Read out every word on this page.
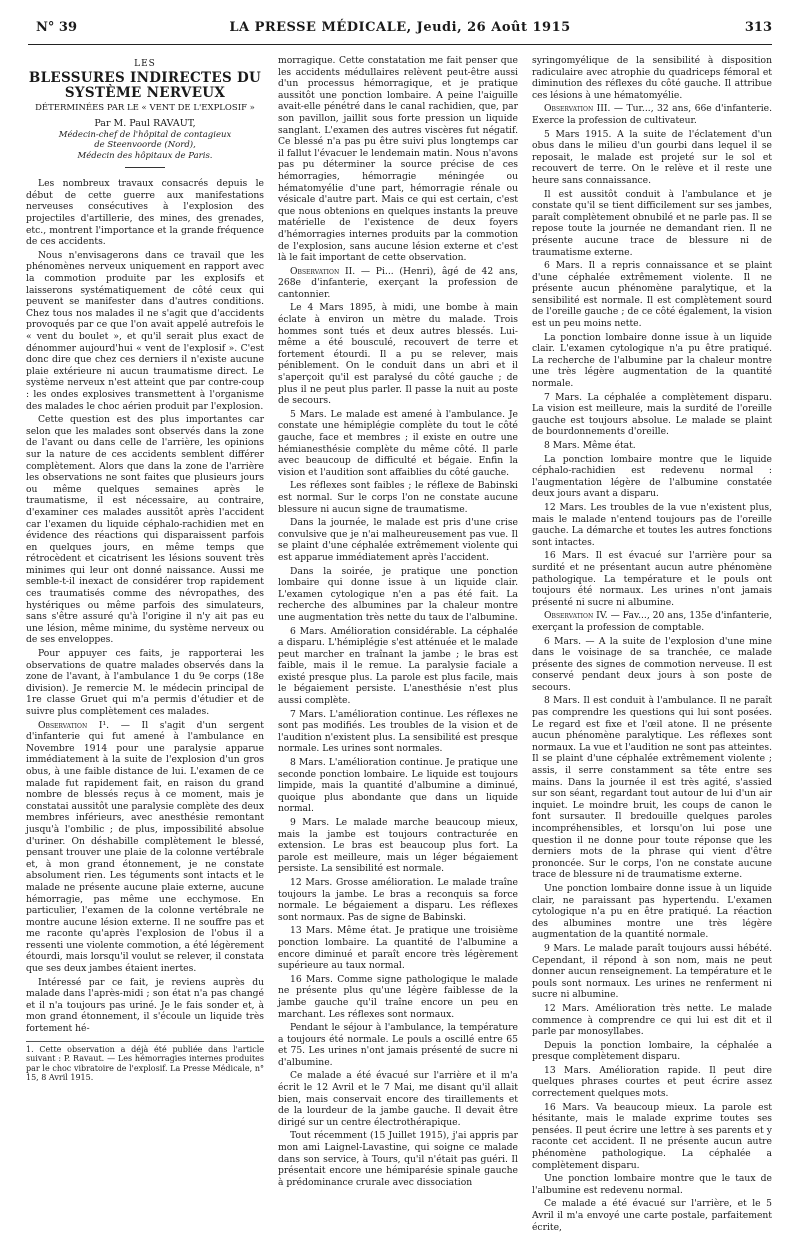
N° 39	LA PRESSE MÉDICALE, Jeudi, 26 Août 1915	313
LES
BLESSURES INDIRECTES DU SYSTÈME NERVEUX
DÉTERMINÉES PAR LE « VENT DE L'EXPLOSIF »
Par M. Paul RAVAUT,
Médecin-chef de l'hôpital de contagieux
de Steenvoorde (Nord),
Médecin des hôpitaux de Paris.

Les nombreux travaux consacrés depuis le début de cette guerre aux manifestations nerveuses consécutives à l'explosion des projectiles d'artillerie, des mines, des grenades, etc., montrent l'importance et la grande fréquence de ces accidents.

Nous n'envisagerons dans ce travail que les phénomènes nerveux uniquement en rapport avec la commotion produite par les explosifs et laisserons systématiquement de côté ceux qui peuvent se manifester dans d'autres conditions. Chez tous nos malades il ne s'agit que d'accidents provoqués par ce que l'on avait appelé autrefois le « vent du boulet », et qu'il serait plus exact de dénommer aujourd'hui « vent de l'explosif ». C'est donc dire que chez ces derniers il n'existe aucune plaie extérieure ni aucun traumatisme direct. Le système nerveux n'est atteint que par contre-coup : les ondes explosives transmettent à l'organisme des malades le choc aérien produit par l'explosion.

Cette question est des plus importantes car selon que les malades sont observés dans la zone de l'avant ou dans celle de l'arrière, les opinions sur la nature de ces accidents semblent différer complètement. Alors que dans la zone de l'arrière les observations ne sont faites que plusieurs jours ou même quelques semaines après le traumatisme, il est nécessaire, au contraire, d'examiner ces malades aussitôt après l'accident car l'examen du liquide céphalo-rachidien met en évidence des réactions qui disparaissent parfois en quelques jours, en même temps que rétrocèdent et cicatrisent les lésions souvent très minimes qui leur ont donné naissance. Aussi me semble-t-il inexact de considérer trop rapidement ces traumatisés comme des névropathes, des hystériques ou même parfois des simulateurs, sans s'être assuré qu'à l'origine il n'y ait pas eu une lésion, même minime, du système nerveux ou de ses enveloppes.

Pour appuyer ces faits, je rapporterai les observations de quatre malades observés dans la zone de l'avant, à l'ambulance 1 du 9e corps (18e division). Je remercie M. le médecin principal de 1re classe Gruet qui m'a permis d'étudier et de suivre plus complètement ces malades.

Observation I¹. — Il s'agit d'un sergent d'infanterie qui fut amené à l'ambulance en Novembre 1914 pour une paralysie apparue immédiatement à la suite de l'explosion d'un gros obus, à une faible distance de lui. L'examen de ce malade fut rapidement fait, en raison du grand nombre de blessés reçus à ce moment, mais je constatai aussitôt une paralysie complète des deux membres inférieurs, avec anesthésie remontant jusqu'à l'ombilic ; de plus, impossibilité absolue d'uriner. On déshabille complètement le blessé, pensant trouver une plaie de la colonne vertébrale et, à mon grand étonnement, je ne constate absolument rien. Les téguments sont intacts et le malade ne présente aucune plaie externe, aucune hémorragie, pas même une ecchymose. En particulier, l'examen de la colonne vertébrale ne montre aucune lésion externe. Il ne souffre pas et me raconte qu'après l'explosion de l'obus il a ressenti une violente commotion, a été légèrement étourdi, mais lorsqu'il voulut se relever, il constata que ses deux jambes étaient inertes.

Intéressé par ce fait, je reviens auprès du malade dans l'après-midi ; son état n'a pas changé et il n'a toujours pas uriné. Je le fais sonder et, à mon grand étonnement, il s'écoule un liquide très fortement hé-

1. Cette observation a déjà été publiée dans l'article suivant : P. Ravaut. — Les hémorragies internes produites par le choc vibratoire de l'explosif. La Presse Médicale, n° 15, 8 Avril 1915.

morragique. Cette constatation me fait penser que les accidents médullaires relèvent peut-être aussi d'un processus hémorragique, et je pratique aussitôt une ponction lombaire. A peine l'aiguille avait-elle pénétré dans le canal rachidien, que, par son pavillon, jaillit sous forte pression un liquide sanglant. L'examen des autres viscères fut négatif. Ce blessé n'a pas pu être suivi plus longtemps car il fallut l'évacuer le lendemain matin. Nous n'avons pas pu déterminer la source précise de ces hémorragies, hémorragie méningée ou hématomyélie d'une part, hémorragie rénale ou vésicale d'autre part. Mais ce qui est certain, c'est que nous obtenions en quelques instants la preuve matérielle de l'existence de deux foyers d'hémorragies internes produits par la commotion de l'explosion, sans aucune lésion externe et c'est là le fait important de cette observation.

Observation II. — Pi... (Henri), âgé de 42 ans, 268e d'infanterie, exerçant la profession de cantonnier.

Le 4 Mars 1895, à midi, une bombe à main éclate à environ un mètre du malade. Trois hommes sont tués et deux autres blessés. Lui-même a été bousculé, recouvert de terre et fortement étourdi. Il a pu se relever, mais péniblement. On le conduit dans un abri et il s'aperçoit qu'il est paralysé du côté gauche ; de plus il ne peut plus parler. Il passe la nuit au poste de secours.

5 Mars. Le malade est amené à l'ambulance. Je constate une hémiplégie complète du tout le côté gauche, face et membres ; il existe en outre une hémianesthésie complète du même côté. Il parle avec beaucoup de difficulté et bégaie. Enfin la vision et l'audition sont affaiblies du côté gauche.

Les réflexes sont faibles ; le réflexe de Babinski est normal. Sur le corps l'on ne constate aucune blessure ni aucun signe de traumatisme.

Dans la journée, le malade est pris d'une crise convulsive que je n'ai malheureusement pas vue. Il se plaint d'une céphalée extrêmement violente qui est apparue immédiatement après l'accident.

Dans la soirée, je pratique une ponction lombaire qui donne issue à un liquide clair. L'examen cytologique n'en a pas été fait. La recherche des albumines par la chaleur montre une augmentation très nette du taux de l'albumine.

6 Mars. Amélioration considérable. La céphalée a disparu. L'hémiplégie s'est atténuée et le malade peut marcher en traînant la jambe ; le bras est faible, mais il le remue. La paralysie faciale a existé presque plus. La parole est plus facile, mais le bégaiement persiste. L'anesthésie n'est plus aussi complète.

7 Mars. L'amélioration continue. Les réflexes ne sont pas modifiés. Les troubles de la vision et de l'audition n'existent plus. La sensibilité est presque normale. Les urines sont normales.

8 Mars. L'amélioration continue. Je pratique une seconde ponction lombaire. Le liquide est toujours limpide, mais la quantité d'albumine a diminué, quoique plus abondante que dans un liquide normal.

9 Mars. Le malade marche beaucoup mieux, mais la jambe est toujours contracturée en extension. Le bras est beaucoup plus fort. La parole est meilleure, mais un léger bégaiement persiste. La sensibilité est normale.

12 Mars. Grosse amélioration. Le malade traîne toujours la jambe. Le bras a reconquis sa force normale. Le bégaiement a disparu. Les réflexes sont normaux. Pas de signe de Babinski.

13 Mars. Même état. Je pratique une troisième ponction lombaire. La quantité de l'albumine a encore diminué et paraît encore très légèrement supérieure au taux normal.

16 Mars. Comme signe pathologique le malade ne présente plus qu'une légère faiblesse de la jambe gauche qu'il traîne encore un peu en marchant. Les réflexes sont normaux.

Pendant le séjour à l'ambulance, la température a toujours été normale. Le pouls a oscillé entre 65 et 75. Les urines n'ont jamais présenté de sucre ni d'albumine.

Ce malade a été évacué sur l'arrière et il m'a écrit le 12 Avril et le 7 Mai, me disant qu'il allait bien, mais conservait encore des tiraillements et de la lourdeur de la jambe gauche. Il devait être dirigé sur un centre électrothérapique.

Tout récemment (15 Juillet 1915), j'ai appris par mon ami Laignel-Lavastine, qui soigne ce malade dans son service, à Tours, qu'il n'était pas guéri. Il présentait encore une hémiparésie spinale gauche à prédominance crurale avec dissociation

syringomyélique de la sensibilité à disposition radiculaire avec atrophie du quadriceps fémoral et diminution des réflexes du côté gauche. Il attribue ces lésions à une hématomyélie.

Observation III. — Tur..., 32 ans, 66e d'infanterie. Exerce la profession de cultivateur.

5 Mars 1915. A la suite de l'éclatement d'un obus dans le milieu d'un gourbi dans lequel il se reposait, le malade est projeté sur le sol et recouvert de terre. On le relève et il reste une heure sans connaissance.

Il est aussitôt conduit à l'ambulance et je constate qu'il se tient difficilement sur ses jambes, paraît complètement obnubilé et ne parle pas. Il se repose toute la journée ne demandant rien. Il ne présente aucune trace de blessure ni de traumatisme externe.

6 Mars. Il a repris connaissance et se plaint d'une céphalée extrêmement violente. Il ne présente aucun phénomène paralytique, et la sensibilité est normale. Il est complètement sourd de l'oreille gauche ; de ce côté également, la vision est un peu moins nette.

La ponction lombaire donne issue à un liquide clair. L'examen cytologique n'a pu être pratiqué. La recherche de l'albumine par la chaleur montre une très légère augmentation de la quantité normale.

7 Mars. La céphalée a complètement disparu. La vision est meilleure, mais la surdité de l'oreille gauche est toujours absolue. Le malade se plaint de bourdonnements d'oreille.

8 Mars. Même état.

La ponction lombaire montre que le liquide céphalo-rachidien est redevenu normal : l'augmentation légère de l'albumine constatée deux jours avant a disparu.

12 Mars. Les troubles de la vue n'existent plus, mais le malade n'entend toujours pas de l'oreille gauche. La démarche et toutes les autres fonctions sont intactes.

16 Mars. Il est évacué sur l'arrière pour sa surdité et ne présentant aucun autre phénomène pathologique. La température et le pouls ont toujours été normaux. Les urines n'ont jamais présenté ni sucre ni albumine.

Observation IV. — Fav..., 20 ans, 135e d'infanterie, exerçant la profession de comptable.

6 Mars. — A la suite de l'explosion d'une mine dans le voisinage de sa tranchée, ce malade présente des signes de commotion nerveuse. Il est conservé pendant deux jours à son poste de secours.

8 Mars. Il est conduit à l'ambulance. Il ne paraît pas comprendre les questions qui lui sont posées. Le regard est fixe et l'œil atone. Il ne présente aucun phénomène paralytique. Les réflexes sont normaux. La vue et l'audition ne sont pas atteintes. Il se plaint d'une céphalée extrêmement violente ; assis, il serre constamment sa tête entre ses mains. Dans la journée il est très agité, s'assied sur son séant, regardant tout autour de lui d'un air inquiet. Le moindre bruit, les coups de canon le font sursauter. Il bredouille quelques paroles incompréhensibles, et lorsqu'on lui pose une question il ne donne pour toute réponse que les derniers mots de la phrase qui vient d'être prononcée. Sur le corps, l'on ne constate aucune trace de blessure ni de traumatisme externe.

Une ponction lombaire donne issue à un liquide clair, ne paraissant pas hypertendu. L'examen cytologique n'a pu en être pratiqué. La réaction des albumines montre une très légère augmentation de la quantité normale.

9 Mars. Le malade paraît toujours aussi hébété. Cependant, il répond à son nom, mais ne peut donner aucun renseignement. La température et le pouls sont normaux. Les urines ne renferment ni sucre ni albumine.

12 Mars. Amélioration très nette. Le malade commence à comprendre ce qui lui est dit et il parle par monosyllabes.

Depuis la ponction lombaire, la céphalée a presque complètement disparu.

13 Mars. Amélioration rapide. Il peut dire quelques phrases courtes et peut écrire assez correctement quelques mots.

16 Mars. Va beaucoup mieux. La parole est hésitante, mais le malade exprime toutes ses pensées. Il peut écrire une lettre à ses parents et y raconte cet accident. Il ne présente aucun autre phénomène pathologique. La céphalée a complètement disparu.

Une ponction lombaire montre que le taux de l'albumine est redevenu normal.

Ce malade a été évacué sur l'arrière, et le 5 Avril il m'a envoyé une carte postale, parfaitement écrite,
